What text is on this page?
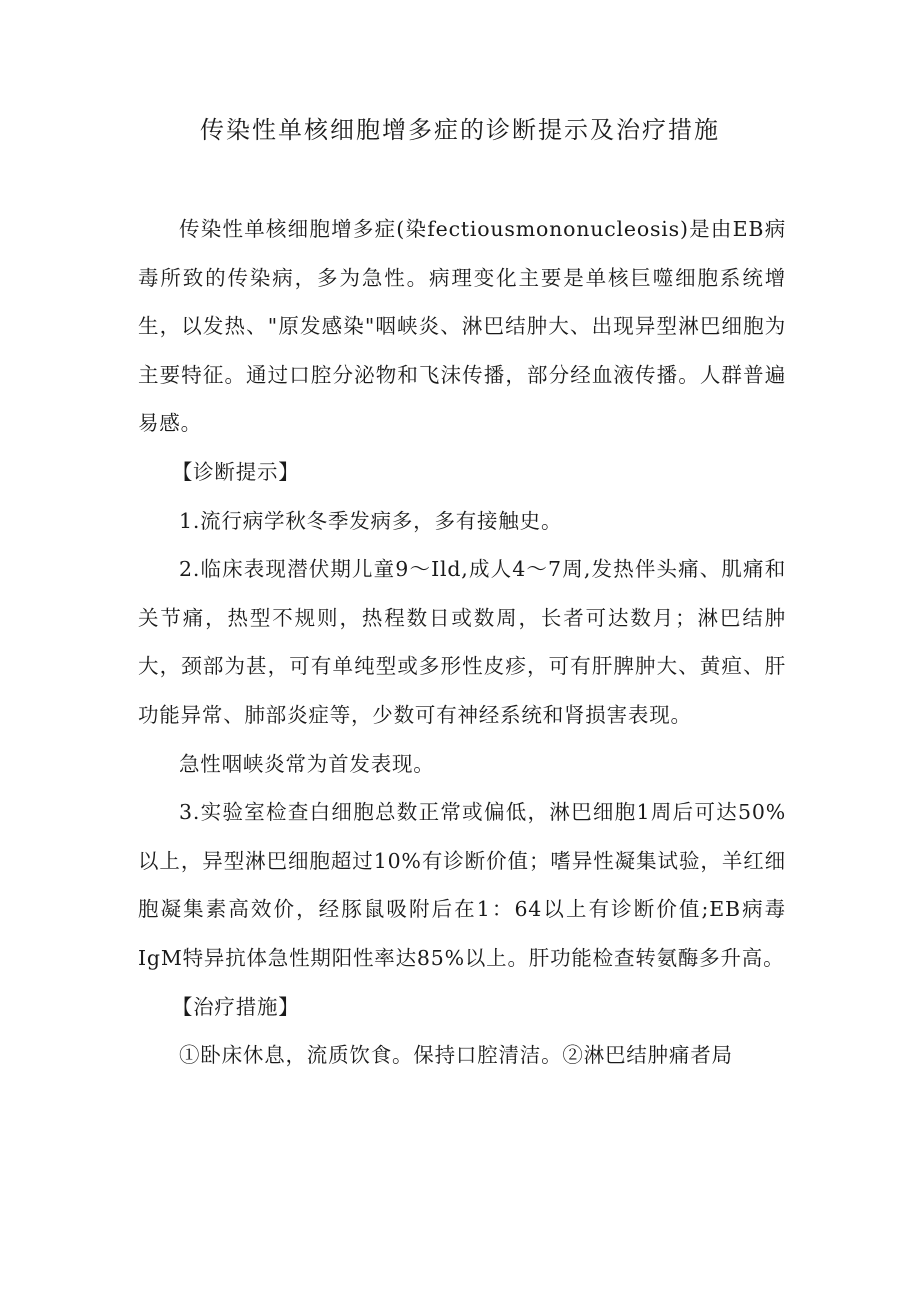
传染性单核细胞增多症的诊断提示及治疗措施

传染性单核细胞增多症(染fectiousmononucleosis)是由EB病毒所致的传染病，多为急性。病理变化主要是单核巨噬细胞系统增生，以发热、"原发感染"咽峡炎、淋巴结肿大、出现异型淋巴细胞为主要特征。通过口腔分泌物和飞沫传播，部分经血液传播。人群普遍易感。

【诊断提示】

1.流行病学秋冬季发病多，多有接触史。

2.临床表现潜伏期儿童9～Ild,成人4～7周,发热伴头痛、肌痛和关节痛，热型不规则，热程数日或数周，长者可达数月；淋巴结肿大，颈部为甚，可有单纯型或多形性皮疹，可有肝脾肿大、黄疸、肝功能异常、肺部炎症等，少数可有神经系统和肾损害表现。

急性咽峡炎常为首发表现。

3.实验室检查白细胞总数正常或偏低，淋巴细胞1周后可达50%以上，异型淋巴细胞超过10%有诊断价值；嗜异性凝集试验，羊红细胞凝集素高效价，经豚鼠吸附后在1：64以上有诊断价值;EB病毒IgM特异抗体急性期阳性率达85%以上。肝功能检查转氨酶多升高。

【治疗措施】

①卧床休息，流质饮食。保持口腔清洁。②淋巴结肿痛者局
